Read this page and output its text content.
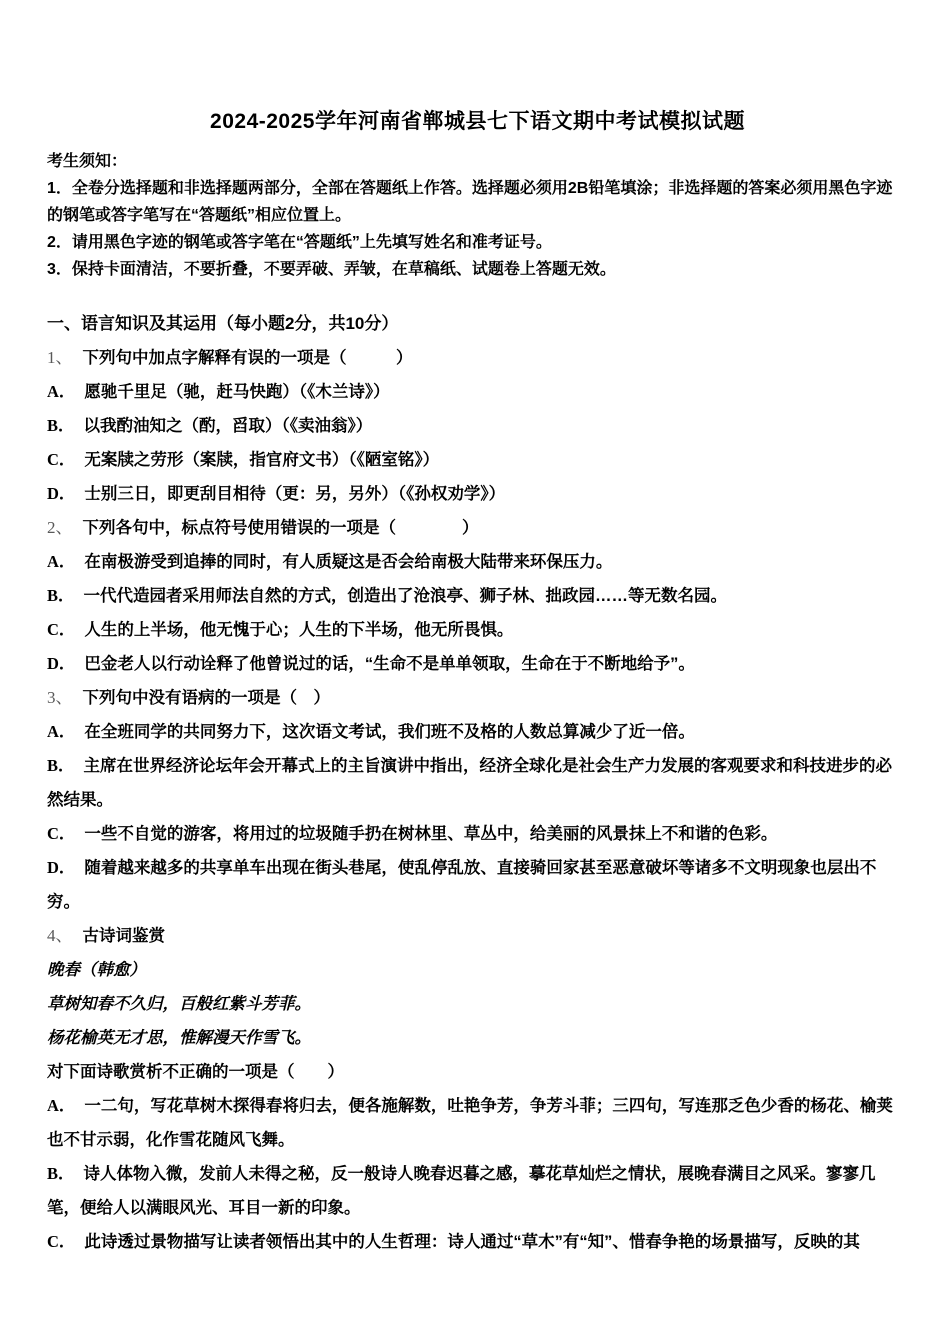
2024-2025学年河南省郸城县七下语文期中考试模拟试题

考生须知：

1．全卷分选择题和非选择题两部分，全部在答题纸上作答。选择题必须用2B铅笔填涂；非选择题的答案必须用黑色字迹的钢笔或答字笔写在“答题纸”相应位置上。

2．请用黑色字迹的钢笔或答字笔在“答题纸”上先填写姓名和准考证号。

3．保持卡面清洁，不要折叠，不要弄破、弄皱，在草稿纸、试题卷上答题无效。

一、语言知识及其运用（每小题2分，共10分）

1、 下列句中加点字解释有误的一项是（　　　）

A． 愿驰千里足（驰，赶马快跑）（《木兰诗》）

B． 以我酌油知之（酌，舀取）（《卖油翁》）

C． 无案牍之劳形（案牍，指官府文书）（《陋室铭》）

D． 士别三日，即更刮目相待（更：另，另外）（《孙权劝学》）

2、 下列各句中，标点符号使用错误的一项是（　　　　）

A． 在南极游受到追捧的同时，有人质疑这是否会给南极大陆带来环保压力。

B． 一代代造园者采用师法自然的方式，创造出了沧浪亭、狮子林、拙政园……等无数名园。

C． 人生的上半场，他无愧于心；人生的下半场，他无所畏惧。

D． 巴金老人以行动诠释了他曾说过的话，“生命不是单单领取，生命在于不断地给予”。

3、 下列句中没有语病的一项是（　）

A． 在全班同学的共同努力下，这次语文考试，我们班不及格的人数总算减少了近一倍。

B． 主席在世界经济论坛年会开幕式上的主旨演讲中指出，经济全球化是社会生产力发展的客观要求和科技进步的必然结果。

C． 一些不自觉的游客，将用过的垃圾随手扔在树林里、草丛中，给美丽的风景抹上不和谐的色彩。

D． 随着越来越多的共享单车出现在街头巷尾，使乱停乱放、直接骑回家甚至恶意破坏等诸多不文明现象也层出不穷。

4、 古诗词鉴赏

晚春（韩愈）

草树知春不久归，百般红紫斗芳菲。

杨花榆英无才思，惟解漫天作雪飞。

对下面诗歌赏析不正确的一项是（　　）

A． 一二句，写花草树木探得春将归去，便各施解数，吐艳争芳，争芳斗菲；三四句，写连那乏色少香的杨花、榆荚也不甘示弱，化作雪花随风飞舞。

B． 诗人体物入微，发前人未得之秘，反一般诗人晚春迟暮之感，摹花草灿烂之情状，展晚春满目之风采。寥寥几笔，便给人以满眼风光、耳目一新的印象。

C． 此诗透过景物描写让读者领悟出其中的人生哲理：诗人通过“草木”有“知”、惜春争艳的场景描写，反映的其
